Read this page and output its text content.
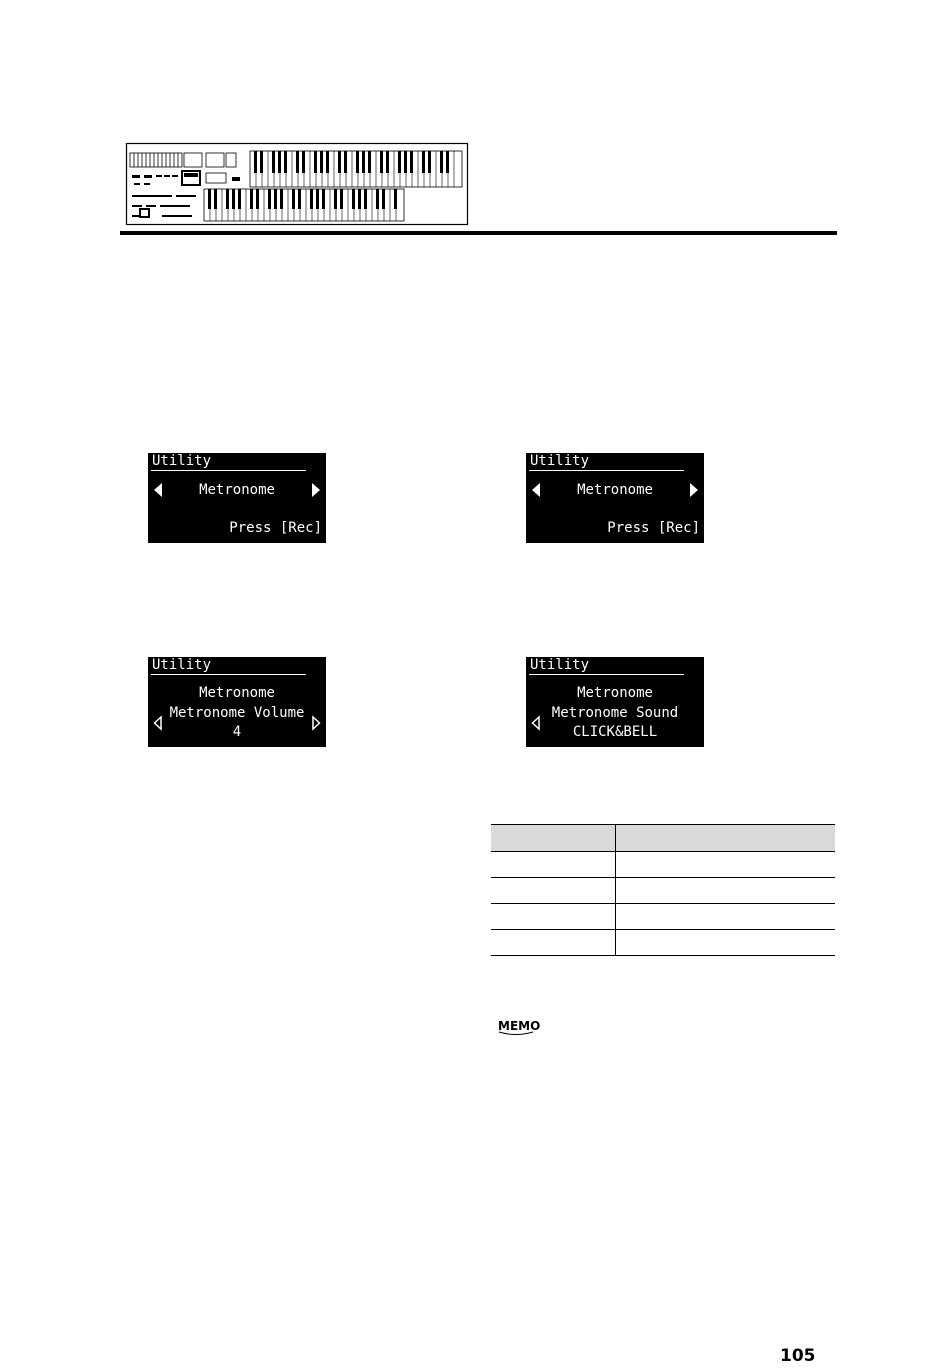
Utility
Metronome
Press [Rec]
Utility
Metronome
Press [Rec]
Utility
Metronome
Metronome Volume
4
Utility
Metronome
Metronome Sound
CLICK&BELL

MEMO
105
